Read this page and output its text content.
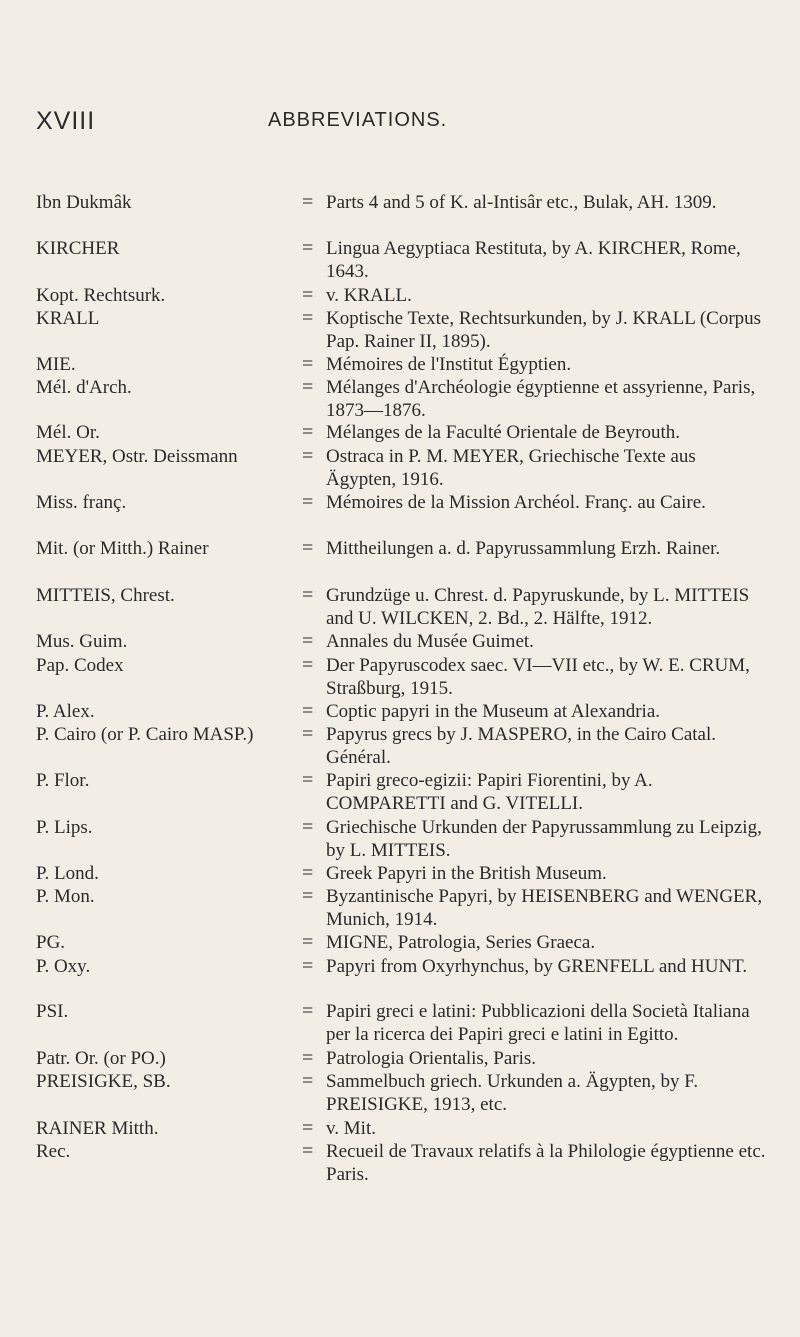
XVIII	ABBREVIATIONS.
Ibn Dukmâk	= Parts 4 and 5 of K. al-Intisâr etc., Bulak, AH. 1309.
KIRCHER	= Lingua Aegyptiaca Restituta, by A. KIRCHER, Rome, 1643.
Kopt. Rechtsurk.	= v. KRALL.
KRALL	= Koptische Texte, Rechtsurkunden, by J. KRALL (Corpus Pap. Rainer II, 1895).
MIE.	= Mémoires de l'Institut Égyptien.
Mél. d'Arch.	= Mélanges d'Archéologie égyptienne et assyrienne, Paris, 1873—1876.
Mél. Or.	= Mélanges de la Faculté Orientale de Beyrouth.
MEYER, Ostr. Deissmann	= Ostraca in P. M. MEYER, Griechische Texte aus Ägypten, 1916.
Miss. franç.	= Mémoires de la Mission Archéol. Franç. au Caire.
Mit. (or Mitth.) Rainer	= Mittheilungen a. d. Papyrussammlung Erzh. Rainer.
MITTEIS, Chrest.	= Grundzüge u. Chrest. d. Papyruskunde, by L. MITTEIS and U. WILCKEN, 2. Bd., 2. Hälfte, 1912.
Mus. Guim.	= Annales du Musée Guimet.
Pap. Codex	= Der Papyruscodex saec. VI—VII etc., by W. E. CRUM, Straßburg, 1915.
P. Alex.	= Coptic papyri in the Museum at Alexandria.
P. Cairo (or P. Cairo MASP.)	= Papyrus grecs by J. MASPERO, in the Cairo Catal. Général.
P. Flor.	= Papiri greco-egizii: Papiri Fiorentini, by A. COMPARETTI and G. VITELLI.
P. Lips.	= Griechische Urkunden der Papyrussammlung zu Leipzig, by L. MITTEIS.
P. Lond.	= Greek Papyri in the British Museum.
P. Mon.	= Byzantinische Papyri, by HEISENBERG and WENGER, Munich, 1914.
PG.	= MIGNE, Patrologia, Series Graeca.
P. Oxy.	= Papyri from Oxyrhynchus, by GRENFELL and HUNT.
PSI.	= Papiri greci e latini: Pubblicazioni della Società Italiana per la ricerca dei Papiri greci e latini in Egitto.
Patr. Or. (or PO.)	= Patrologia Orientalis, Paris.
PREISIGKE, SB.	= Sammelbuch griech. Urkunden a. Ägypten, by F. PREISIGKE, 1913, etc.
RAINER Mitth.	= v. Mit.
Rec.	= Recueil de Travaux relatifs à la Philologie égyptienne etc. Paris.
